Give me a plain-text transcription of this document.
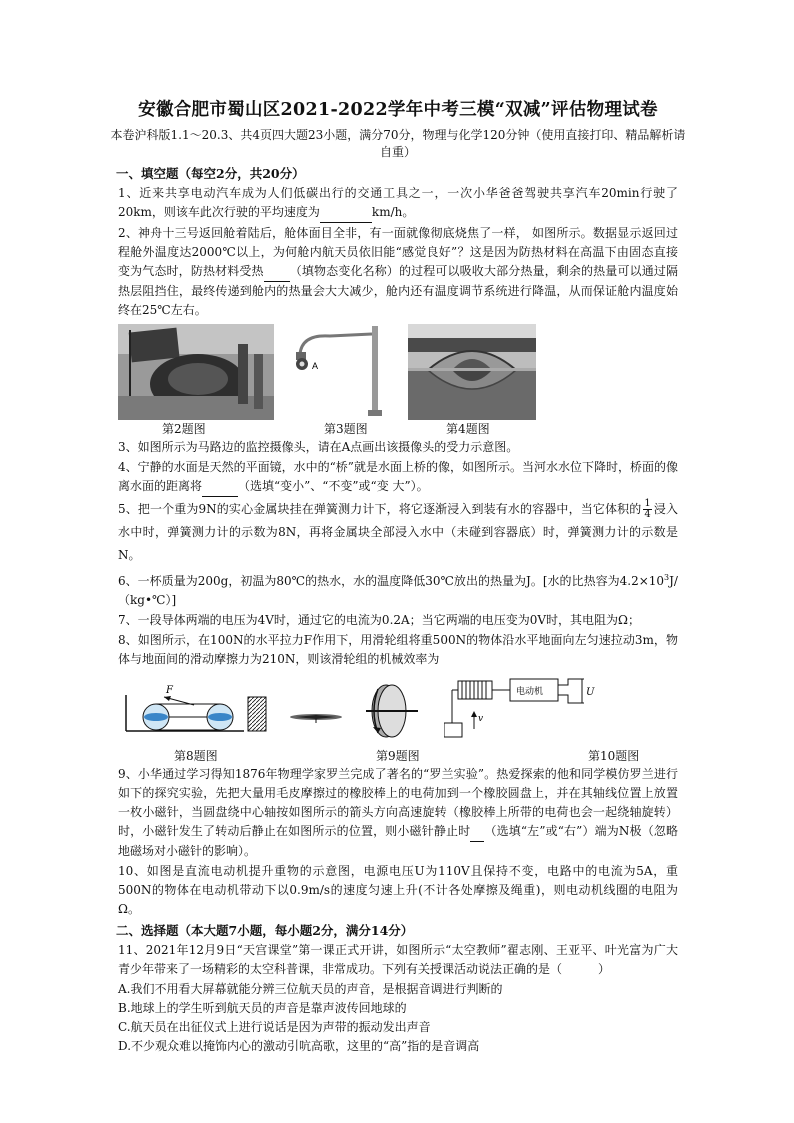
安徽合肥市蜀山区2021-2022学年中考三模“双减”评估物理试卷
本卷沪科版1.1～20.3、共4页四大题23小题，满分70分，物理与化学120分钟（使用直接打印、精品解析请自重）
一、填空题（每空2分，共20分）

1、近来共享电动汽车成为人们低碳出行的交通工具之一，一次小华爸爸驾驶共享汽车20min行驶了20km，则该车此次行驶的平均速度为	km/h。

2、神舟十三号返回舱着陆后，舱体面目全非，有一面就像彻底烧焦了一样， 如图所示。数据显示返回过程舱外温度达2000℃以上，为何舱内航天员依旧能“感觉良好”？这是因为防热材料在高温下由固态直接变为气态时，防热材料受热 （填物态变化名称）的过程可以吸收大部分热量，剩余的热量可以通过隔热层阻挡住，最终传递到舱内的热量会大大减少，舱内还有温度调节系统进行降温，从而保证舱内温度始终在25℃左右。

A
第2题图	第3题图	第4题图

3、如图所示为马路边的监控摄像头，请在A点画出该摄像头的受力示意图。

4、宁静的水面是天然的平面镜，水中的“桥”就是水面上桥的像，如图所示。当河水水位下降时，桥面的像离水面的距离将	（选填“变小”、“不变”或“变 大”）。

5、把一个重为9N的实心金属块挂在弹簧测力计下，将它逐渐浸入到装有水的容器中，当它体积的 $\frac{1}{4}$ 浸入水中时，弹簧测力计的示数为8N，再将金属块全部浸入水中（未碰到容器底）时，弹簧测力计的示数是N。

6、一杯质量为200g，初温为80℃的热水，水的温度降低30℃放出的热量为J。[水的比热容为$4.2\times 10^3J/(kg•℃)$]

7、一段导体两端的电压为4V时，通过它的电流为0.2A；当它两端的电压变为0V时，其电阻为Ω；

8、如图所示，在100N的水平拉力F作用下，用滑轮组将重500N的物体沿水平地面向左匀速拉动3m，物体与地面间的滑动摩擦力为210N，则该滑轮组的机械效率为

F	电动机	U
v
第8题图	第9题图	第10题图

9、小华通过学习得知1876年物理学家罗兰完成了著名的“罗兰实验”。热爱探索的他和同学模仿罗兰进行如下的探究实验，先把大量用毛皮摩擦过的橡胶棒上的电荷加到一个橡胶圆盘上，并在其轴线位置上放置一枚小磁针，当圆盘绕中心轴按如图所示的箭头方向高速旋转（橡胶棒上所带的电荷也会一起绕轴旋转）时，小磁针发生了转动后静止在如图所示的位置，则小磁针静止时 （选填“左”或“右”）端为N极（忽略地磁场对小磁针的影响）。

10、如图是直流电动机提升重物的示意图，电源电压U为110V且保持不变，电路中的电流为5A，重500N的物体在电动机带动下以0.9m/s的速度匀速上升(不计各处摩擦及绳重)，则电动机线圈的电阻为Ω。

二、选择题（本大题7小题，每小题2分，满分14分）

11、2021年12月9日“天宫课堂”第一课正式开讲，如图所示“太空教师”翟志刚、王亚平、叶光富为广大青少年带来了一场精彩的太空科普课，非常成功。下列有关授课活动说法正确的是（　　　）

A.我们不用看大屏幕就能分辨三位航天员的声音，是根据音调进行判断的
B.地球上的学生听到航天员的声音是靠声波传回地球的
C.航天员在出征仪式上进行说话是因为声带的振动发出声音
D.不少观众难以掩饰内心的激动引吭高歌，这里的“高”指的是音调高
